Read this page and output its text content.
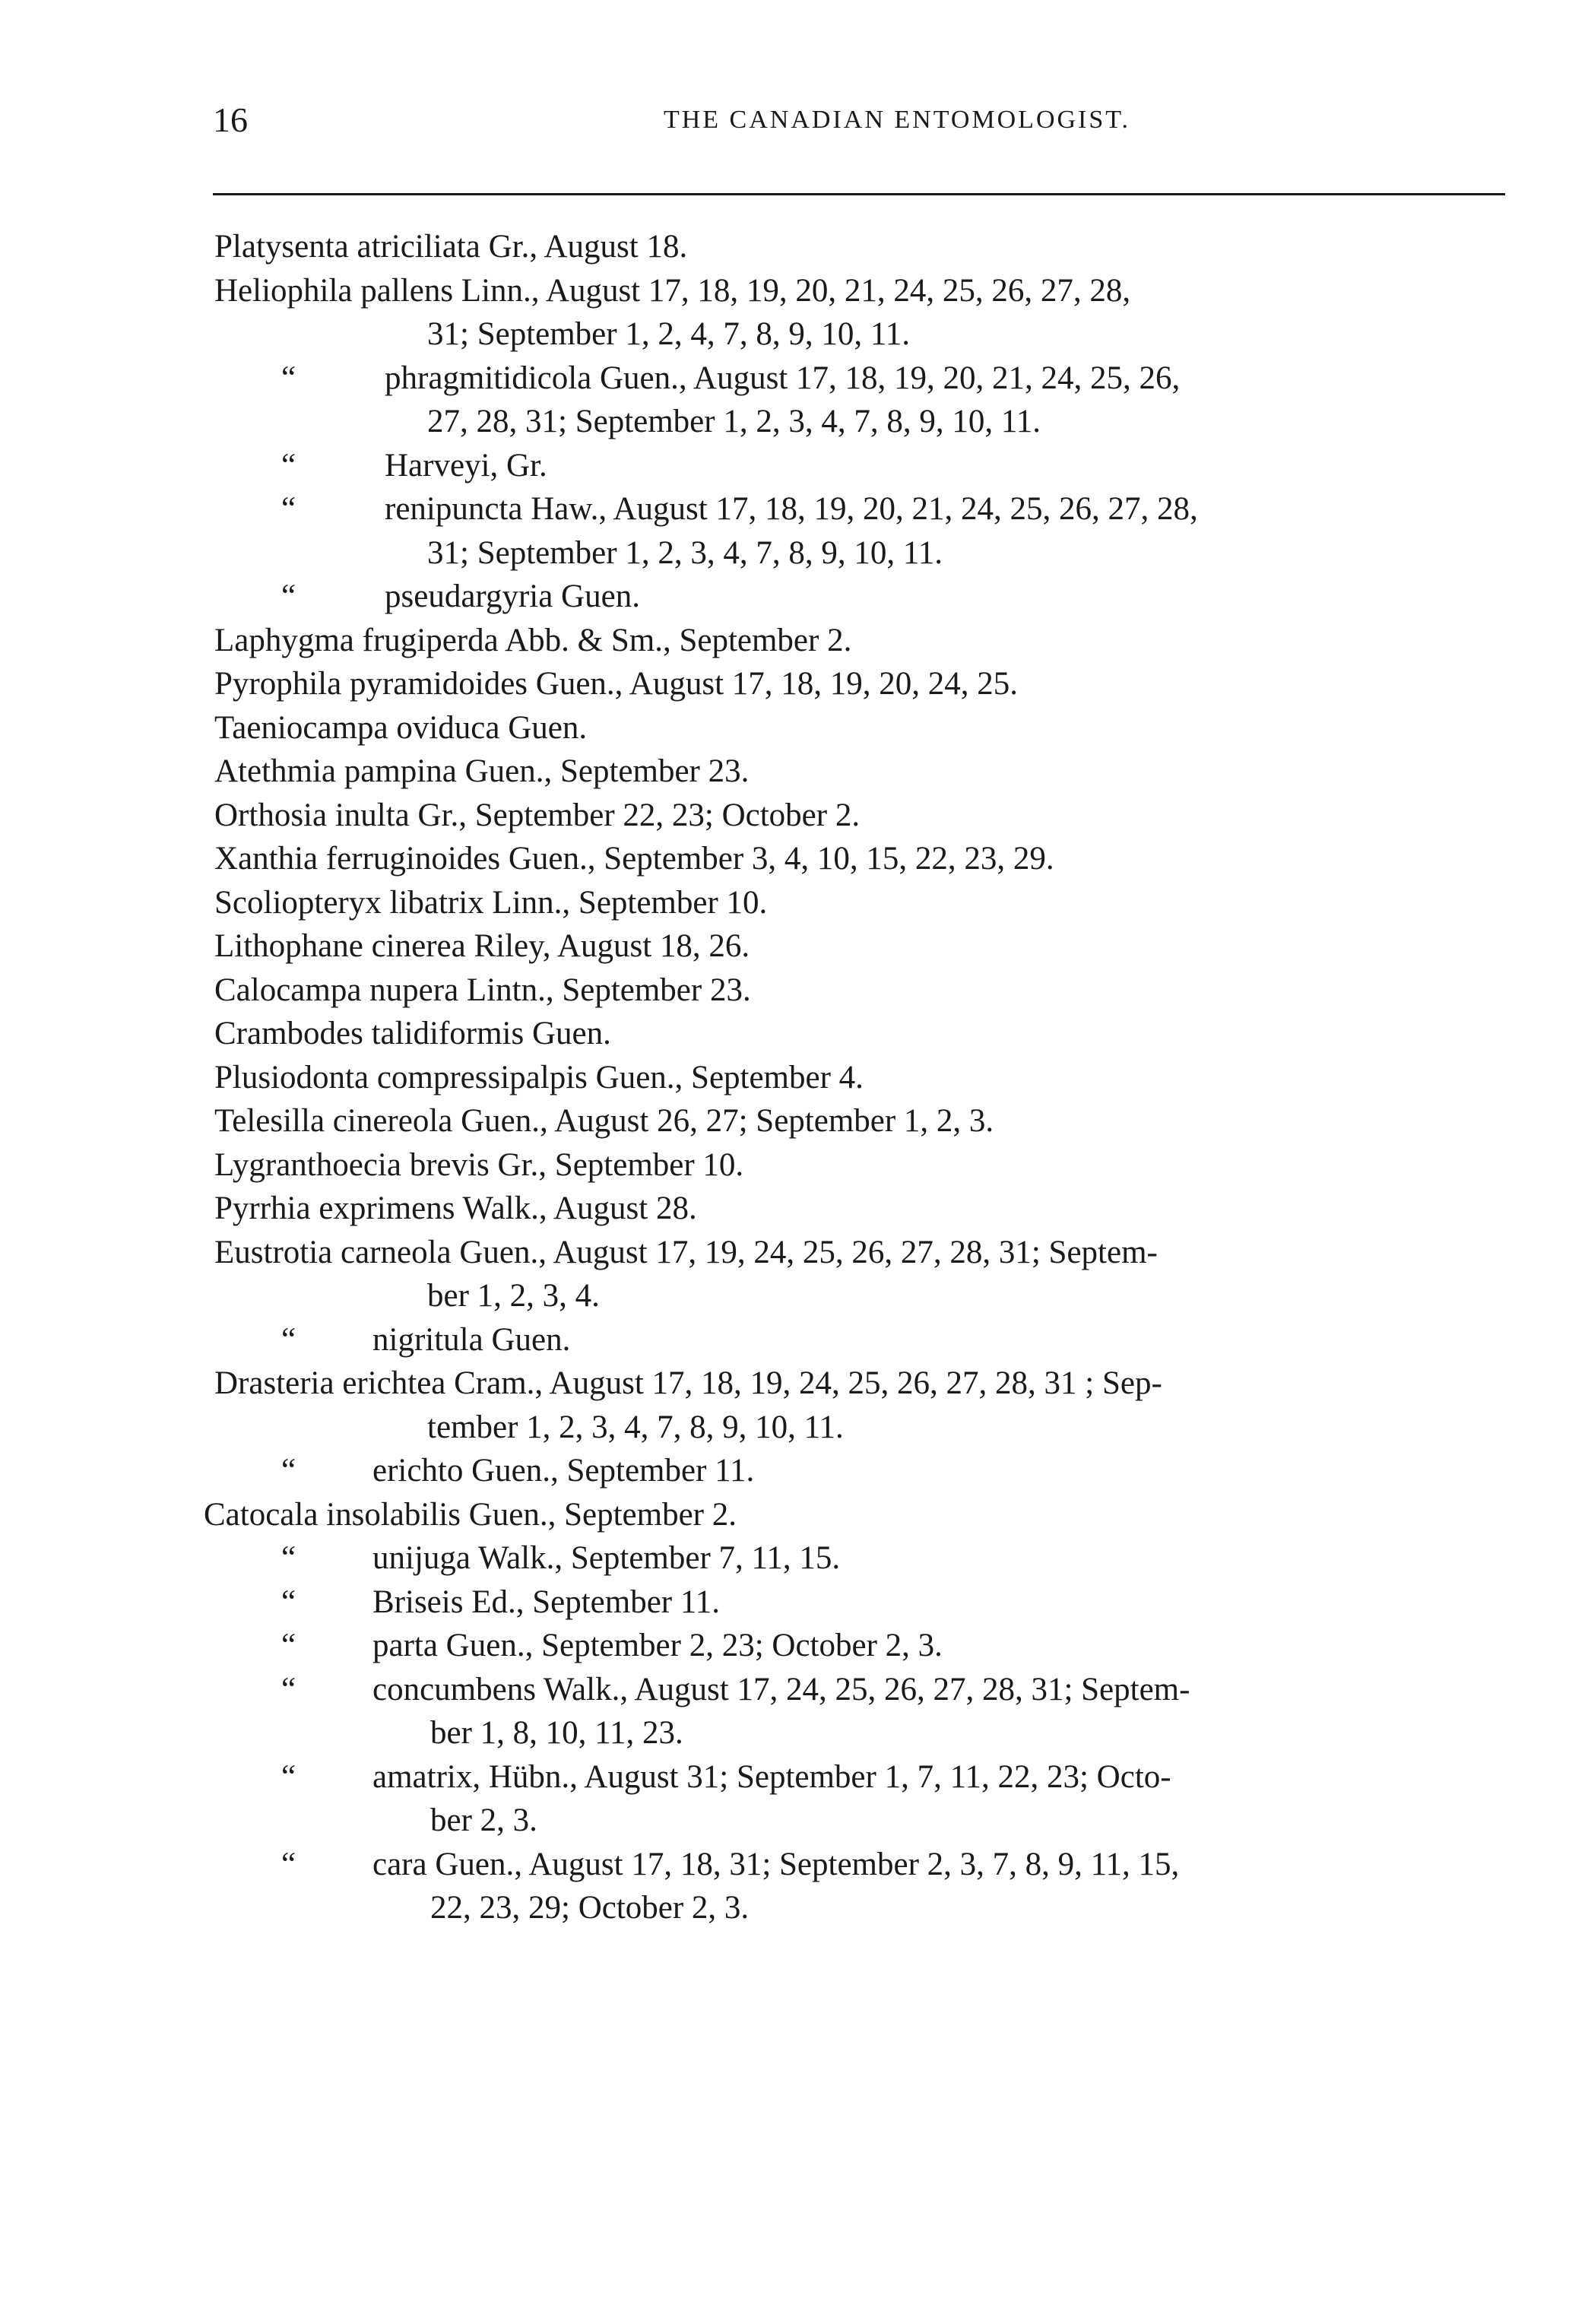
16	THE CANADIAN ENTOMOLOGIST.
Platysenta atriciliata Gr., August 18.
Heliophila pallens Linn., August 17, 18, 19, 20, 21, 24, 25, 26, 27, 28,
31; September 1, 2, 4, 7, 8, 9, 10, 11.
“	phragmitidicola Guen., August 17, 18, 19, 20, 21, 24, 25, 26,
27, 28, 31; September 1, 2, 3, 4, 7, 8, 9, 10, 11.
“	Harveyi, Gr.
“	renipuncta Haw., August 17, 18, 19, 20, 21, 24, 25, 26, 27, 28,
31; September 1, 2, 3, 4, 7, 8, 9, 10, 11.
“	pseudargyria Guen.
Laphygma frugiperda Abb. & Sm., September 2.
Pyrophila pyramidoides Guen., August 17, 18, 19, 20, 24, 25.
Taeniocampa oviduca Guen.
Atethmia pampina Guen., September 23.
Orthosia inulta Gr., September 22, 23; October 2.
Xanthia ferruginoides Guen., September 3, 4, 10, 15, 22, 23, 29.
Scoliopteryx libatrix Linn., September 10.
Lithophane cinerea Riley, August 18, 26.
Calocampa nupera Lintn., September 23.
Crambodes talidiformis Guen.
Plusiodonta compressipalpis Guen., September 4.
Telesilla cinereola Guen., August 26, 27; September 1, 2, 3.
Lygranthoecia brevis Gr., September 10.
Pyrrhia exprimens Walk., August 28.
Eustrotia carneola Guen., August 17, 19, 24, 25, 26, 27, 28, 31; Septem-
ber 1, 2, 3, 4.
“ nigritula Guen.
Drasteria erichtea Cram., August 17, 18, 19, 24, 25, 26, 27, 28, 31 ; Sep-
tember 1, 2, 3, 4, 7, 8, 9, 10, 11.
“ erichto Guen., September 11.
Catocala insolabilis Guen., September 2.
“ unijuga Walk., September 7, 11, 15.
“ Briseis Ed., September 11.
“ parta Guen., September 2, 23; October 2, 3.
“ concumbens Walk., August 17, 24, 25, 26, 27, 28, 31; Septem-
ber 1, 8, 10, 11, 23.
“ amatrix, Hübn., August 31; September 1, 7, 11, 22, 23; Octo-
ber 2, 3.
“ cara Guen., August 17, 18, 31; September 2, 3, 7, 8, 9, 11, 15,
22, 23, 29; October 2, 3.
